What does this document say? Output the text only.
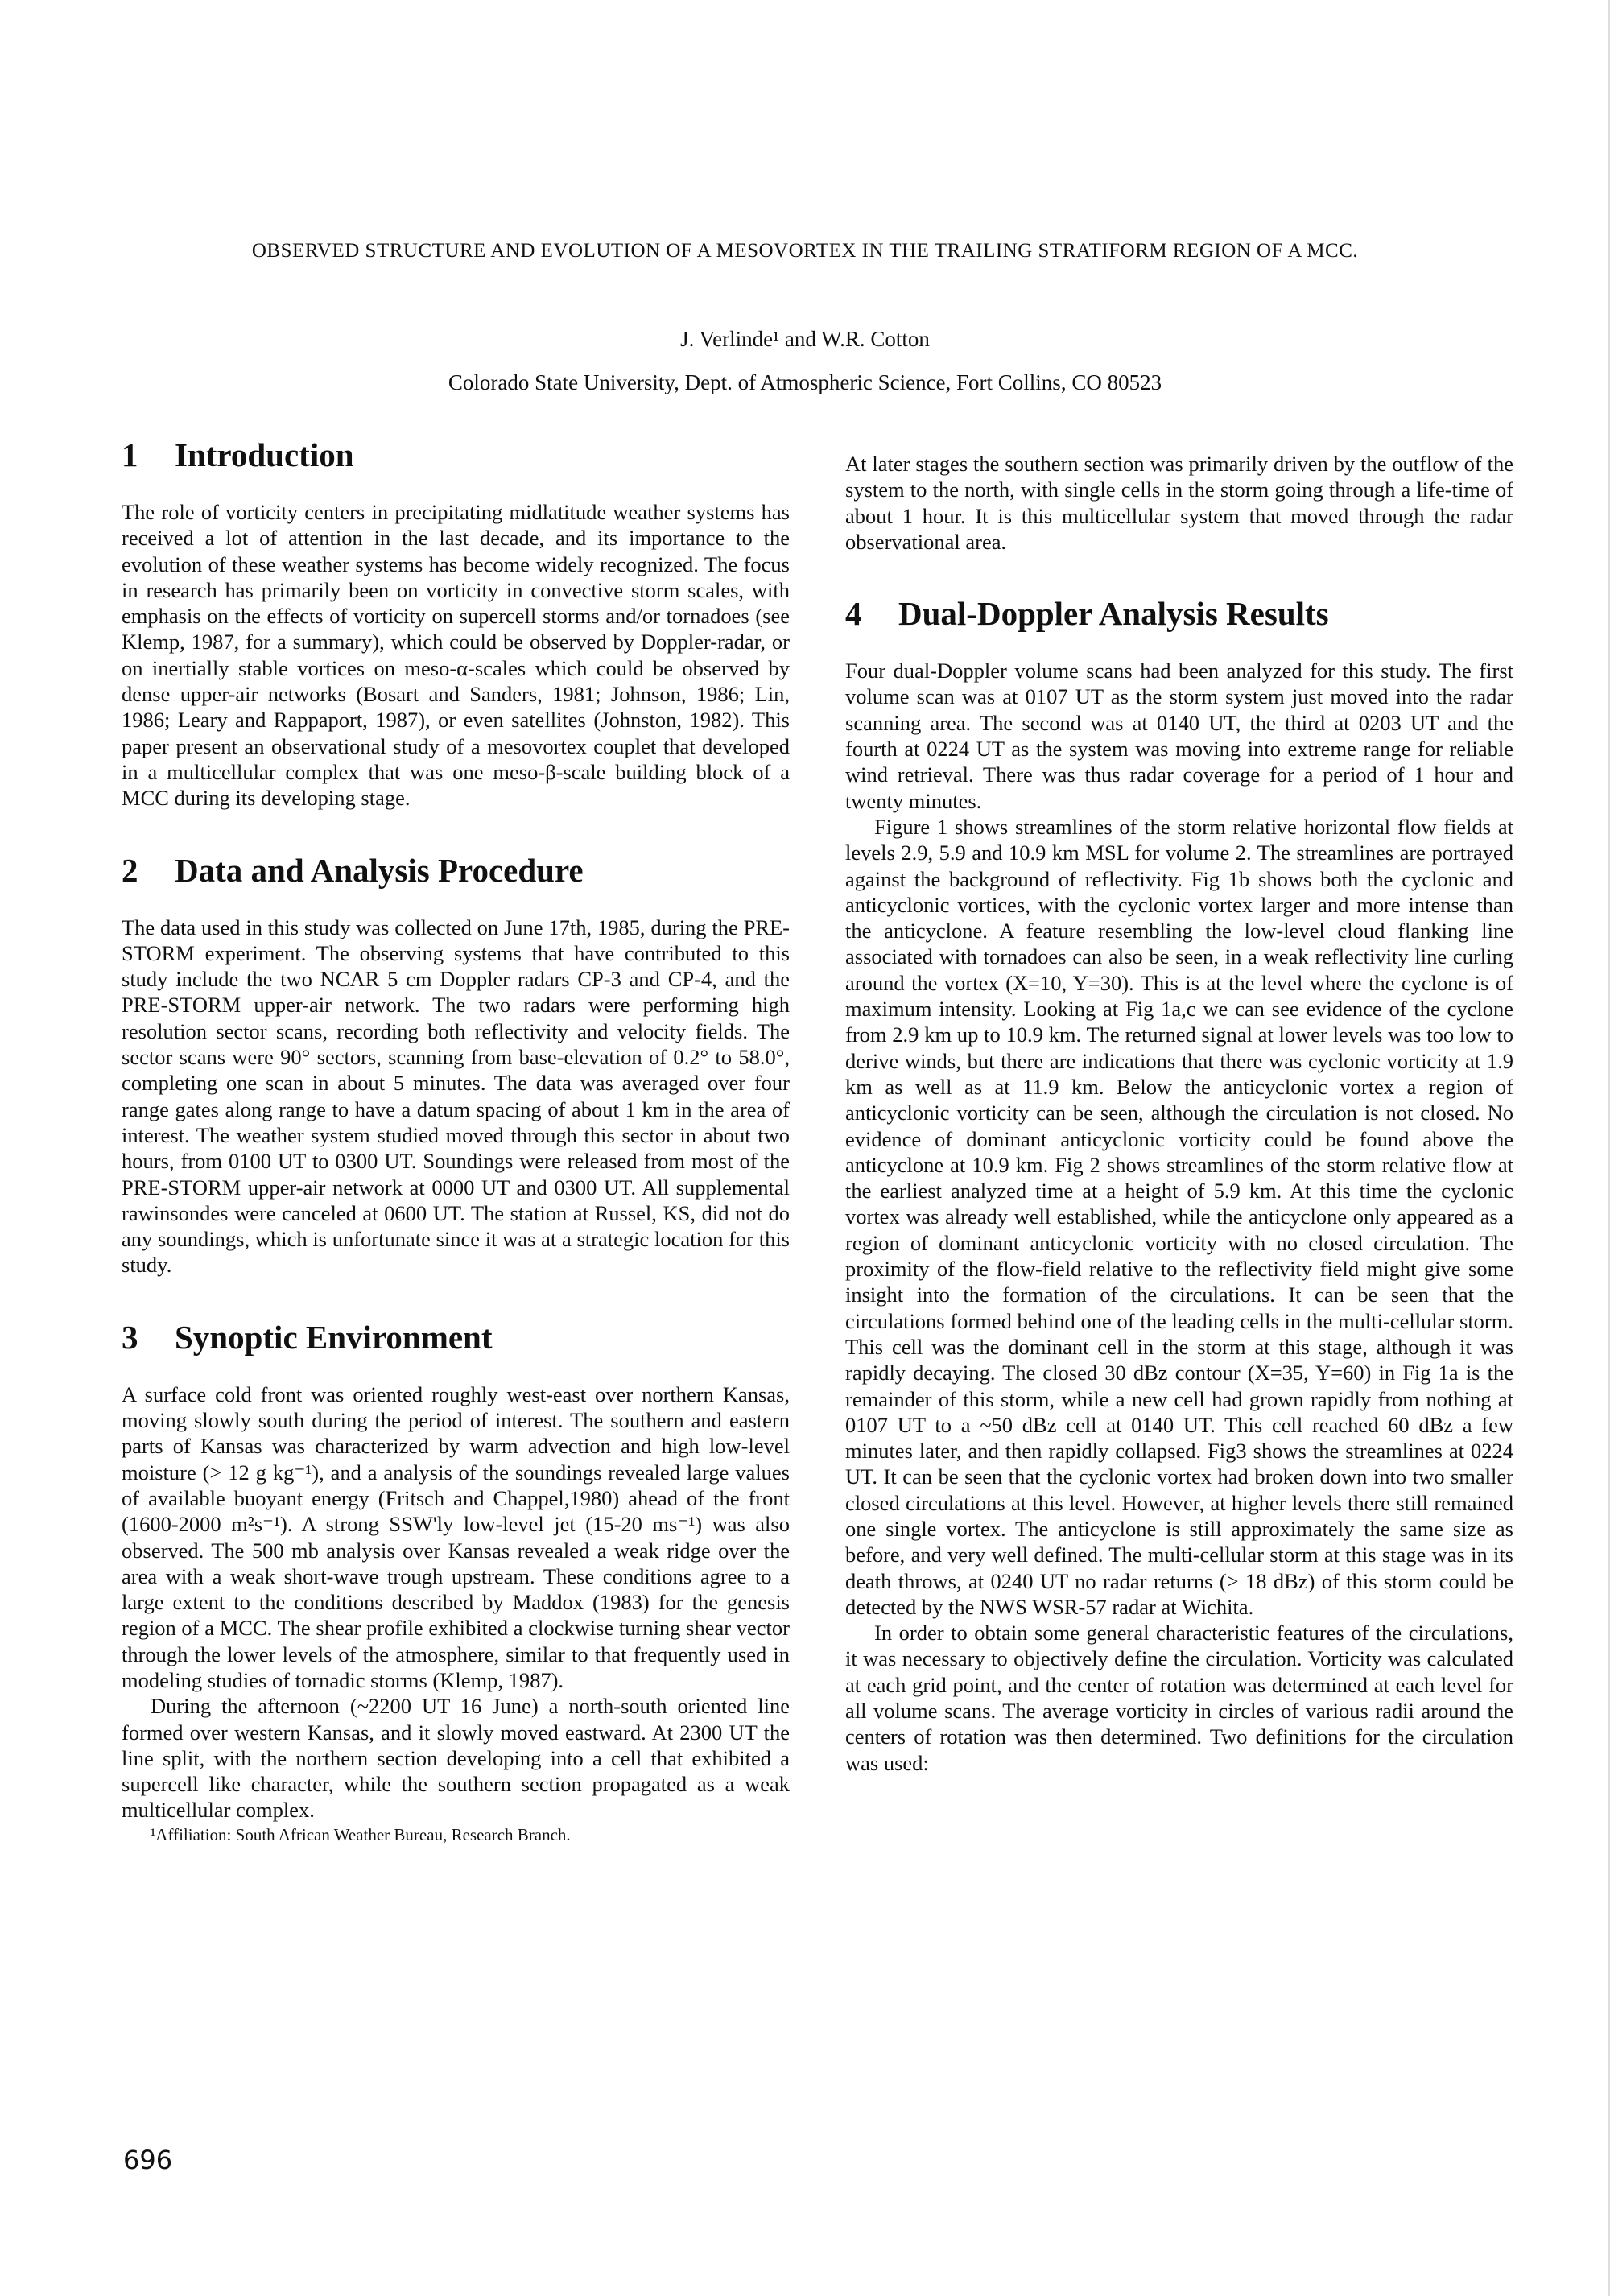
OBSERVED STRUCTURE AND EVOLUTION OF A MESOVORTEX IN THE TRAILING STRATIFORM REGION OF A MCC.
J. Verlinde¹ and W.R. Cotton
Colorado State University, Dept. of Atmospheric Science, Fort Collins, CO 80523
1 Introduction

The role of vorticity centers in precipitating midlatitude weather systems has received a lot of attention in the last decade, and its importance to the evolution of these weather systems has become widely recognized. The focus in research has primarily been on vorticity in convective storm scales, with emphasis on the effects of vorticity on supercell storms and/or tornadoes (see Klemp, 1987, for a summary), which could be observed by Doppler-radar, or on inertially stable vortices on meso-α-scales which could be observed by dense upper-air networks (Bosart and Sanders, 1981; Johnson, 1986; Lin, 1986; Leary and Rappaport, 1987), or even satellites (Johnston, 1982). This paper present an observational study of a mesovortex couplet that developed in a multicellular complex that was one meso-β-scale building block of a MCC during its developing stage.

2 Data and Analysis Procedure

The data used in this study was collected on June 17th, 1985, during the PRE-STORM experiment. The observing systems that have contributed to this study include the two NCAR 5 cm Doppler radars CP-3 and CP-4, and the PRE-STORM upper-air network. The two radars were performing high resolution sector scans, recording both reflectivity and velocity fields. The sector scans were 90° sectors, scanning from base-elevation of 0.2° to 58.0°, completing one scan in about 5 minutes. The data was averaged over four range gates along range to have a datum spacing of about 1 km in the area of interest. The weather system studied moved through this sector in about two hours, from 0100 UT to 0300 UT. Soundings were released from most of the PRE-STORM upper-air network at 0000 UT and 0300 UT. All supplemental rawinsondes were canceled at 0600 UT. The station at Russel, KS, did not do any soundings, which is unfortunate since it was at a strategic location for this study.

3 Synoptic Environment

A surface cold front was oriented roughly west-east over northern Kansas, moving slowly south during the period of interest. The southern and eastern parts of Kansas was characterized by warm advection and high low-level moisture (> 12 g kg⁻¹), and a analysis of the soundings revealed large values of available buoyant energy (Fritsch and Chappel,1980) ahead of the front (1600-2000 m²s⁻¹). A strong SSW'ly low-level jet (15-20 ms⁻¹) was also observed. The 500 mb analysis over Kansas revealed a weak ridge over the area with a weak short-wave trough upstream. These conditions agree to a large extent to the conditions described by Maddox (1983) for the genesis region of a MCC. The shear profile exhibited a clockwise turning shear vector through the lower levels of the atmosphere, similar to that frequently used in modeling studies of tornadic storms (Klemp, 1987).

During the afternoon (~2200 UT 16 June) a north-south oriented line formed over western Kansas, and it slowly moved eastward. At 2300 UT the line split, with the northern section developing into a cell that exhibited a supercell like character, while the southern section propagated as a weak multicellular complex.

¹Affiliation: South African Weather Bureau, Research Branch.

At later stages the southern section was primarily driven by the outflow of the system to the north, with single cells in the storm going through a life-time of about 1 hour. It is this multicellular system that moved through the radar observational area.

4 Dual-Doppler Analysis Results

Four dual-Doppler volume scans had been analyzed for this study. The first volume scan was at 0107 UT as the storm system just moved into the radar scanning area. The second was at 0140 UT, the third at 0203 UT and the fourth at 0224 UT as the system was moving into extreme range for reliable wind retrieval. There was thus radar coverage for a period of 1 hour and twenty minutes.

Figure 1 shows streamlines of the storm relative horizontal flow fields at levels 2.9, 5.9 and 10.9 km MSL for volume 2. The streamlines are portrayed against the background of reflectivity. Fig 1b shows both the cyclonic and anticyclonic vortices, with the cyclonic vortex larger and more intense than the anticyclone. A feature resembling the low-level cloud flanking line associated with tornadoes can also be seen, in a weak reflectivity line curling around the vortex (X=10, Y=30). This is at the level where the cyclone is of maximum intensity. Looking at Fig 1a,c we can see evidence of the cyclone from 2.9 km up to 10.9 km. The returned signal at lower levels was too low to derive winds, but there are indications that there was cyclonic vorticity at 1.9 km as well as at 11.9 km. Below the anticyclonic vortex a region of anticyclonic vorticity can be seen, although the circulation is not closed. No evidence of dominant anticyclonic vorticity could be found above the anticyclone at 10.9 km. Fig 2 shows streamlines of the storm relative flow at the earliest analyzed time at a height of 5.9 km. At this time the cyclonic vortex was already well established, while the anticyclone only appeared as a region of dominant anticyclonic vorticity with no closed circulation. The proximity of the flow-field relative to the reflectivity field might give some insight into the formation of the circulations. It can be seen that the circulations formed behind one of the leading cells in the multi-cellular storm. This cell was the dominant cell in the storm at this stage, although it was rapidly decaying. The closed 30 dBz contour (X=35, Y=60) in Fig 1a is the remainder of this storm, while a new cell had grown rapidly from nothing at 0107 UT to a ~50 dBz cell at 0140 UT. This cell reached 60 dBz a few minutes later, and then rapidly collapsed. Fig3 shows the streamlines at 0224 UT. It can be seen that the cyclonic vortex had broken down into two smaller closed circulations at this level. However, at higher levels there still remained one single vortex. The anticyclone is still approximately the same size as before, and very well defined. The multi-cellular storm at this stage was in its death throws, at 0240 UT no radar returns (> 18 dBz) of this storm could be detected by the NWS WSR-57 radar at Wichita.

In order to obtain some general characteristic features of the circulations, it was necessary to objectively define the circulation. Vorticity was calculated at each grid point, and the center of rotation was determined at each level for all volume scans. The average vorticity in circles of various radii around the centers of rotation was then determined. Two definitions for the circulation was used:

696
